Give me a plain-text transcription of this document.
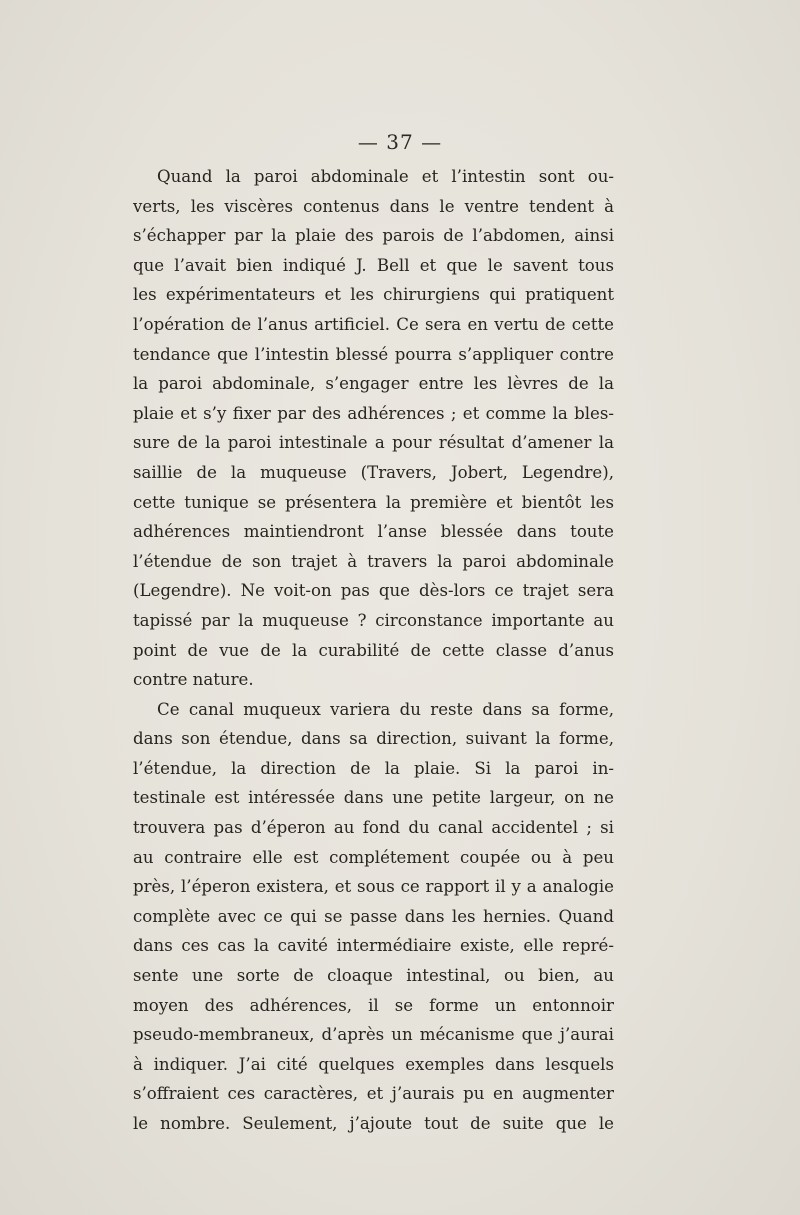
— 37 —
Quand la paroi abdominale et l’intestin sont ou-
verts, les viscères contenus dans le ventre tendent à
s’échapper par la plaie des parois de l’abdomen, ainsi
que l’avait bien indiqué J. Bell et que le savent tous
les expérimentateurs et les chirurgiens qui pratiquent
l’opération de l’anus artificiel. Ce sera en vertu de cette
tendance que l’intestin blessé pourra s’appliquer contre
la paroi abdominale, s’engager entre les lèvres de la
plaie et s’y fixer par des adhérences ; et comme la bles-
sure de la paroi intestinale a pour résultat d’amener la
saillie de la muqueuse (Travers, Jobert, Legendre),
cette tunique se présentera la première et bientôt les
adhérences maintiendront l’anse blessée dans toute
l’étendue de son trajet à travers la paroi abdominale
(Legendre). Ne voit-on pas que dès-lors ce trajet sera
tapissé par la muqueuse ? circonstance importante au
point de vue de la curabilité de cette classe d’anus
contre nature.
Ce canal muqueux variera du reste dans sa forme,
dans son étendue, dans sa direction, suivant la forme,
l’étendue, la direction de la plaie. Si la paroi in-
testinale est intéressée dans une petite largeur, on ne
trouvera pas d’éperon au fond du canal accidentel ; si
au contraire elle est complétement coupée ou à peu
près, l’éperon existera, et sous ce rapport il y a analogie
complète avec ce qui se passe dans les hernies. Quand
dans ces cas la cavité intermédiaire existe, elle repré-
sente une sorte de cloaque intestinal, ou bien, au
moyen des adhérences, il se forme un entonnoir
pseudo-membraneux, d’après un mécanisme que j’aurai
à indiquer. J’ai cité quelques exemples dans lesquels
s’offraient ces caractères, et j’aurais pu en augmenter
le nombre. Seulement, j’ajoute tout de suite que le
